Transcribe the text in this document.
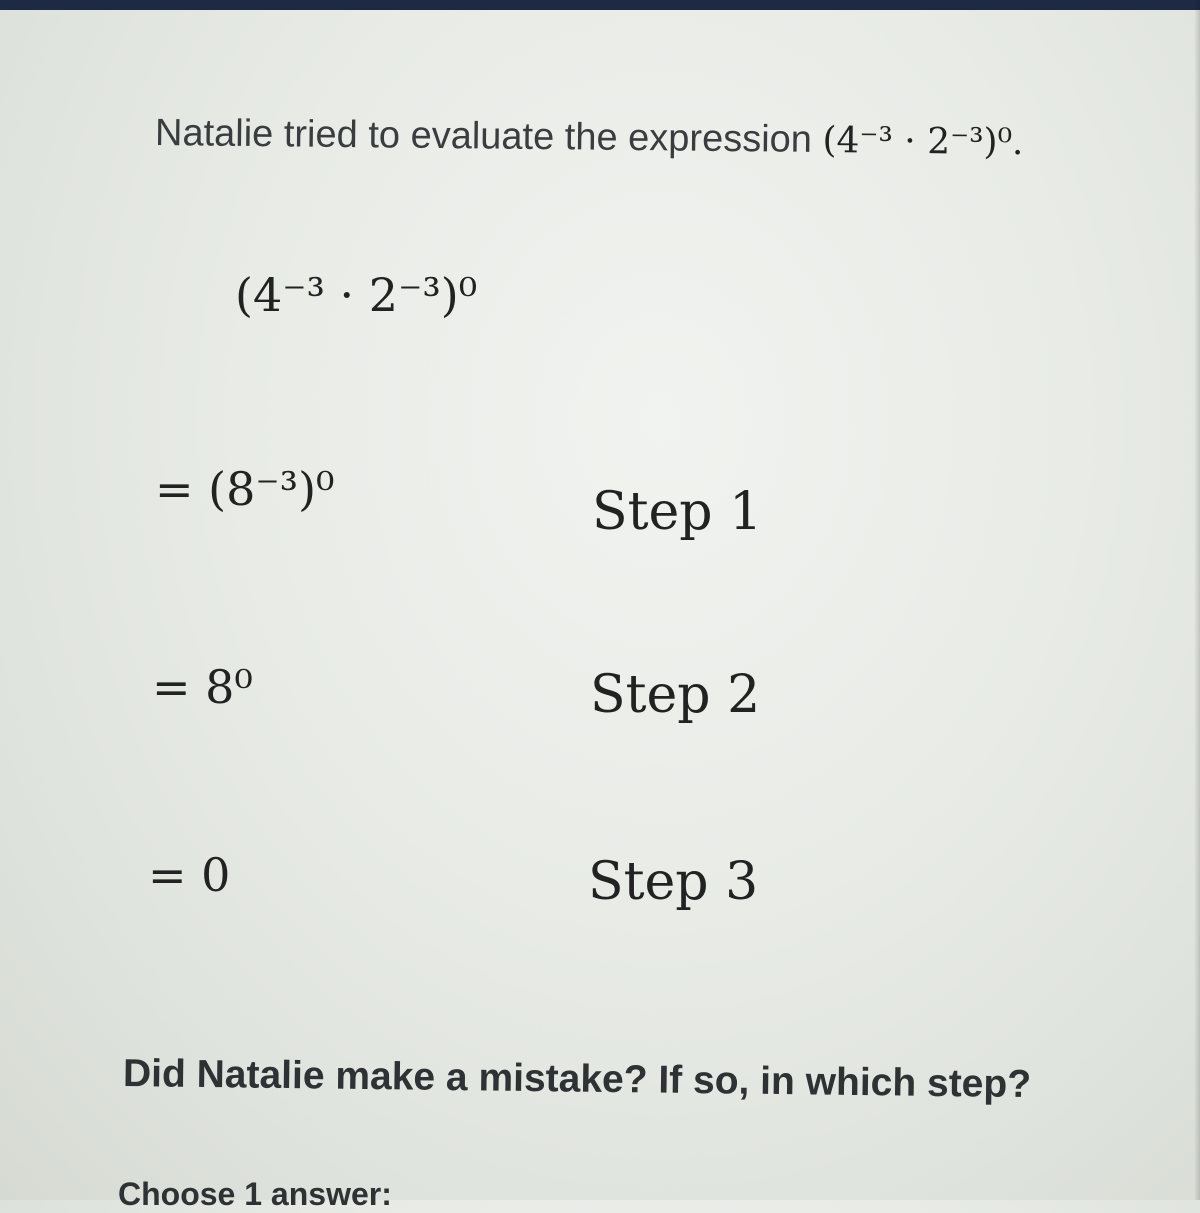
Natalie tried to evaluate the expression (4⁻³ · 2⁻³)⁰.
(4⁻³ · 2⁻³)⁰
= (8⁻³)⁰	Step 1
= 8⁰	Step 2
= 0	Step 3
Did Natalie make a mistake? If so, in which step?
Choose 1 answer:
